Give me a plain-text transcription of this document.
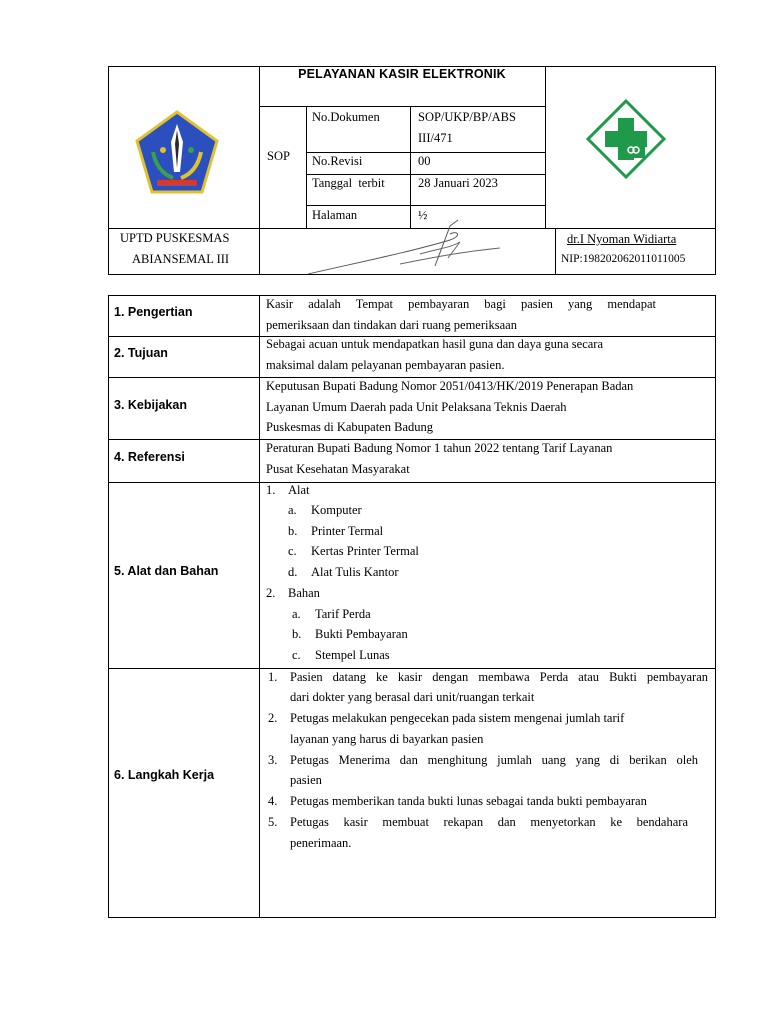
PELAYANAN KASIR ELEKTRONIK
SOP
No.Dokumen	SOP/UKP/BP/ABS
III/471
No.Revisi	00
Tanggal  terbit	28 Januari 2023
Halaman	½
UPTD PUSKESMAS
ABIANSEMAL III
dr.I Nyoman Widiarta
NIP:198202062011011005
1. Pengertian
Kasir adalah Tempat pembayaran bagi pasien yang mendapat
pemeriksaan dan tindakan dari ruang pemeriksaan
2. Tujuan
Sebagai acuan untuk mendapatkan hasil guna dan daya guna secara
maksimal dalam pelayanan pembayaran pasien.
3. Kebijakan
Keputusan Bupati Badung Nomor 2051/0413/HK/2019 Penerapan Badan
Layanan Umum Daerah pada Unit Pelaksana Teknis Daerah
Puskesmas di Kabupaten Badung
4. Referensi
Peraturan Bupati Badung Nomor 1 tahun 2022 tentang Tarif Layanan
Pusat Kesehatan Masyarakat
5. Alat dan Bahan
1. Alat
a. Komputer
b. Printer Termal
c. Kertas Printer Termal
d. Alat Tulis Kantor
2. Bahan
a. Tarif Perda
b. Bukti Pembayaran
c. Stempel Lunas
6. Langkah Kerja
1. Pasien datang ke kasir dengan membawa Perda atau Bukti pembayaran
dari dokter yang berasal dari unit/ruangan terkait
2. Petugas melakukan pengecekan pada sistem mengenai jumlah tarif
layanan yang harus di bayarkan pasien
3. Petugas Menerima dan menghitung jumlah uang yang di berikan oleh
pasien
4. Petugas memberikan tanda bukti lunas sebagai tanda bukti pembayaran
5. Petugas kasir membuat rekapan dan menyetorkan ke bendahara
penerimaan.
